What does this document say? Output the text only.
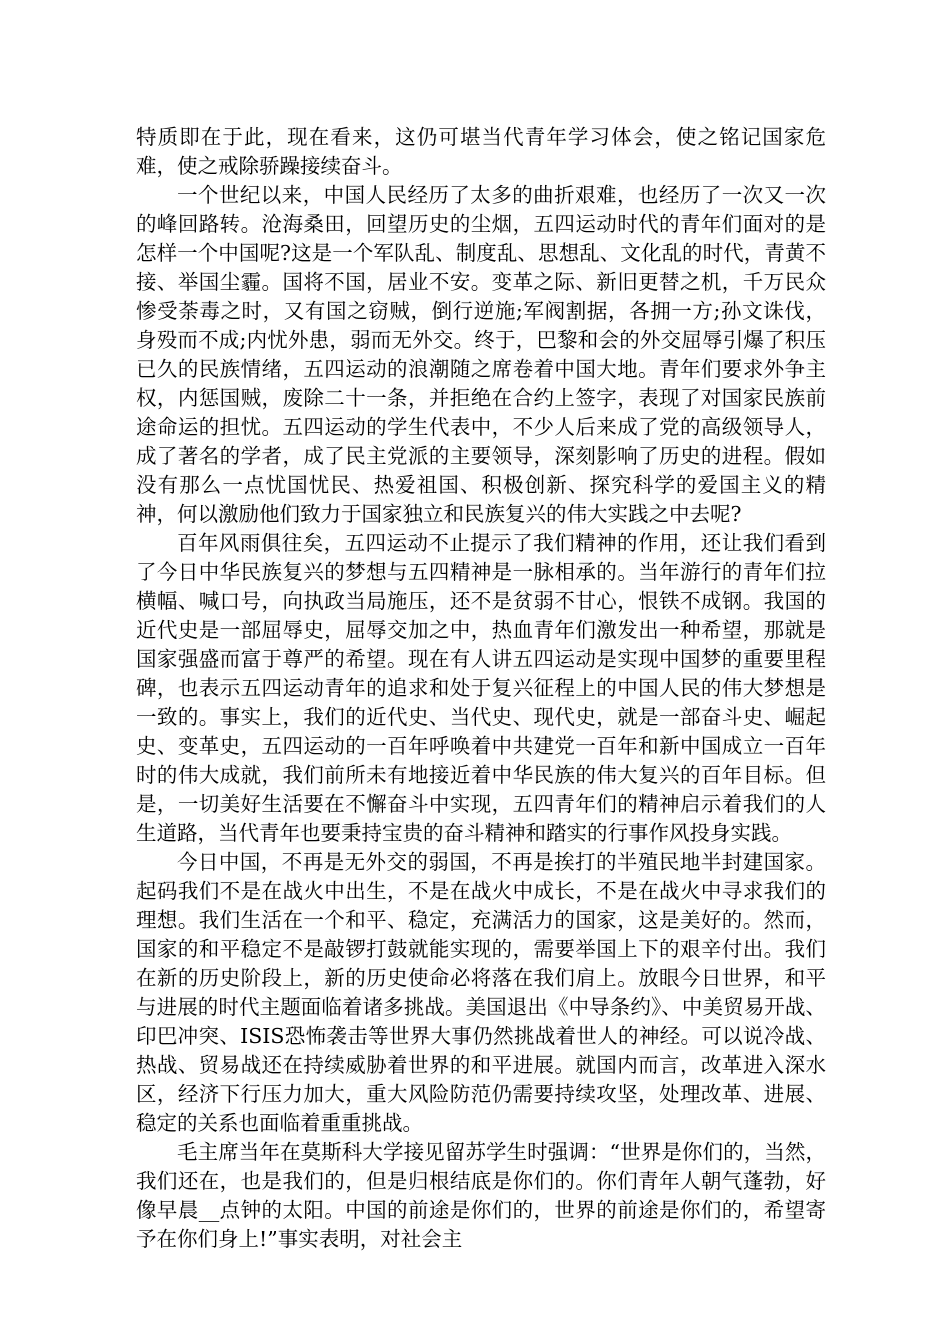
特质即在于此，现在看来，这仍可堪当代青年学习体会，使之铭记国家危难，使之戒除骄躁接续奋斗。

一个世纪以来，中国人民经历了太多的曲折艰难，也经历了一次又一次的峰回路转。沧海桑田，回望历史的尘烟，五四运动时代的青年们面对的是怎样一个中国呢?这是一个军队乱、制度乱、思想乱、文化乱的时代，青黄不接、举国尘霾。国将不国，居业不安。变革之际、新旧更替之机，千万民众惨受荼毒之时，又有国之窃贼，倒行逆施;军阀割据，各拥一方;孙文诛伐，身殁而不成;内忧外患，弱而无外交。终于，巴黎和会的外交屈辱引爆了积压已久的民族情绪，五四运动的浪潮随之席卷着中国大地。青年们要求外争主权，内惩国贼，废除二十一条，并拒绝在合约上签字，表现了对国家民族前途命运的担忧。五四运动的学生代表中，不少人后来成了党的高级领导人，成了著名的学者，成了民主党派的主要领导，深刻影响了历史的进程。假如没有那么一点忧国忧民、热爱祖国、积极创新、探究科学的爱国主义的精神，何以激励他们致力于国家独立和民族复兴的伟大实践之中去呢?

百年风雨俱往矣，五四运动不止提示了我们精神的作用，还让我们看到了今日中华民族复兴的梦想与五四精神是一脉相承的。当年游行的青年们拉横幅、喊口号，向执政当局施压，还不是贫弱不甘心，恨铁不成钢。我国的近代史是一部屈辱史，屈辱交加之中，热血青年们激发出一种希望，那就是国家强盛而富于尊严的希望。现在有人讲五四运动是实现中国梦的重要里程碑，也表示五四运动青年的追求和处于复兴征程上的中国人民的伟大梦想是一致的。事实上，我们的近代史、当代史、现代史，就是一部奋斗史、崛起史、变革史，五四运动的一百年呼唤着中共建党一百年和新中国成立一百年时的伟大成就，我们前所未有地接近着中华民族的伟大复兴的百年目标。但是，一切美好生活要在不懈奋斗中实现，五四青年们的精神启示着我们的人生道路，当代青年也要秉持宝贵的奋斗精神和踏实的行事作风投身实践。

今日中国，不再是无外交的弱国，不再是挨打的半殖民地半封建国家。起码我们不是在战火中出生，不是在战火中成长，不是在战火中寻求我们的理想。我们生活在一个和平、稳定，充满活力的国家，这是美好的。然而，国家的和平稳定不是敲锣打鼓就能实现的，需要举国上下的艰辛付出。我们在新的历史阶段上，新的历史使命必将落在我们肩上。放眼今日世界，和平与进展的时代主题面临着诸多挑战。美国退出《中导条约》、中美贸易开战、印巴冲突、ISIS恐怖袭击等世界大事仍然挑战着世人的神经。可以说冷战、热战、贸易战还在持续威胁着世界的和平进展。就国内而言，改革进入深水区，经济下行压力加大，重大风险防范仍需要持续攻坚，处理改革、进展、稳定的关系也面临着重重挑战。

毛主席当年在莫斯科大学接见留苏学生时强调：“世界是你们的，当然，我们还在，也是我们的，但是归根结底是你们的。你们青年人朝气蓬勃，好像早晨__点钟的太阳。中国的前途是你们的，世界的前途是你们的，希望寄予在你们身上!”事实表明，对社会主
